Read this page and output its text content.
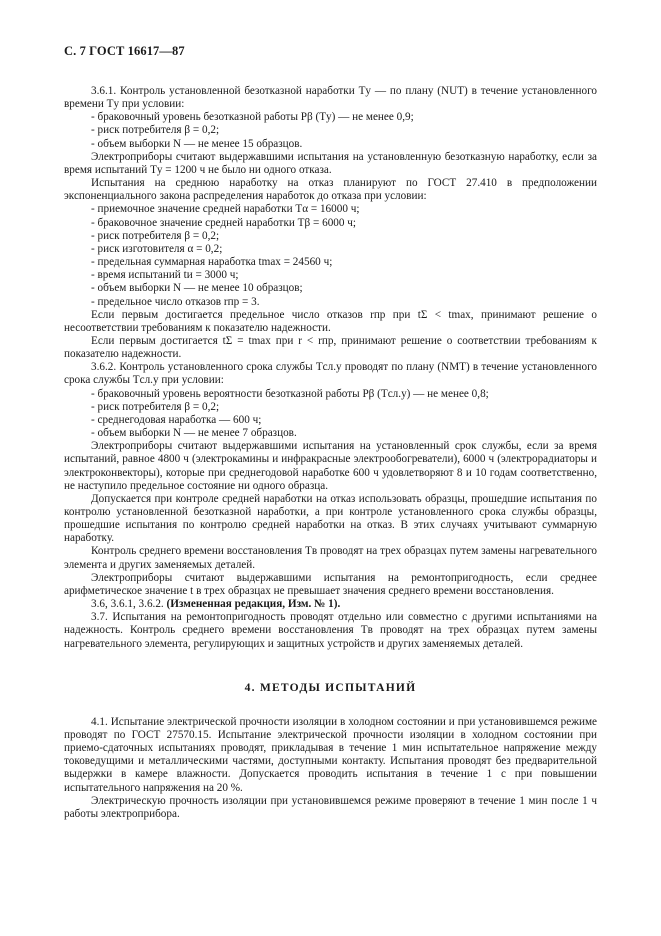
С. 7 ГОСТ 16617—87
3.6.1. Контроль установленной безотказной наработки Tу — по плану (NUT) в течение установленного времени Tу при условии:
- браковочный уровень безотказной работы Pβ (Tу) — не менее 0,9;
- риск потребителя β = 0,2;
- объем выборки N — не менее 15 образцов.
Электроприборы считают выдержавшими испытания на установленную безотказную наработку, если за время испытаний Tу = 1200 ч не было ни одного отказа.
Испытания на среднюю наработку на отказ планируют по ГОСТ 27.410 в предположении экспоненциального закона распределения наработок до отказа при условии:
- приемочное значение средней наработки Tα = 16000 ч;
- браковочное значение средней наработки Tβ = 6000 ч;
- риск потребителя β = 0,2;
- риск изготовителя α = 0,2;
- предельная суммарная наработка tmax = 24560 ч;
- время испытаний tи = 3000 ч;
- объем выборки N — не менее 10 образцов;
- предельное число отказов rпр = 3.
Если первым достигается предельное число отказов rпр при tΣ < tmax, принимают решение о несоответствии требованиям к показателю надежности.
Если первым достигается tΣ = tmax при r < rпр, принимают решение о соответствии требованиям к показателю надежности.
3.6.2. Контроль установленного срока службы Tсл.у проводят по плану (NMT) в течение установленного срока службы Tсл.у при условии:
- браковочный уровень вероятности безотказной работы Pβ (Tсл.у) — не менее 0,8;
- риск потребителя β = 0,2;
- среднегодовая наработка — 600 ч;
- объем выборки N — не менее 7 образцов.
Электроприборы считают выдержавшими испытания на установленный срок службы, если за время испытаний, равное 4800 ч (электрокамины и инфракрасные электрообогреватели), 6000 ч (электрорадиаторы и электроконвекторы), которые при среднегодовой наработке 600 ч удовлетворяют 8 и 10 годам соответственно, не наступило предельное состояние ни одного образца.
Допускается при контроле средней наработки на отказ использовать образцы, прошедшие испытания по контролю установленной безотказной наработки, а при контроле установленного срока службы образцы, прошедшие испытания по контролю средней наработки на отказ. В этих случаях учитывают суммарную наработку.
Контроль среднего времени восстановления Tв проводят на трех образцах путем замены нагревательного элемента и других заменяемых деталей.
Электроприборы считают выдержавшими испытания на ремонтопригодность, если среднее арифметическое значение t в трех образцах не превышает значения среднего времени восстановления.
3.6, 3.6.1, 3.6.2. (Измененная редакция, Изм. № 1).
3.7. Испытания на ремонтопригодность проводят отдельно или совместно с другими испытаниями на надежность. Контроль среднего времени восстановления Tв проводят на трех образцах путем замены нагревательного элемента, регулирующих и защитных устройств и других заменяемых деталей.
4. МЕТОДЫ ИСПЫТАНИЙ
4.1. Испытание электрической прочности изоляции в холодном состоянии и при установившемся режиме проводят по ГОСТ 27570.15. Испытание электрической прочности изоляции в холодном состоянии при приемо-сдаточных испытаниях проводят, прикладывая в течение 1 мин испытательное напряжение между токоведущими и металлическими частями, доступными контакту. Испытания проводят без предварительной выдержки в камере влажности. Допускается проводить испытания в течение 1 с при повышении испытательного напряжения на 20 %.
Электрическую прочность изоляции при установившемся режиме проверяют в течение 1 мин после 1 ч работы электроприбора.
